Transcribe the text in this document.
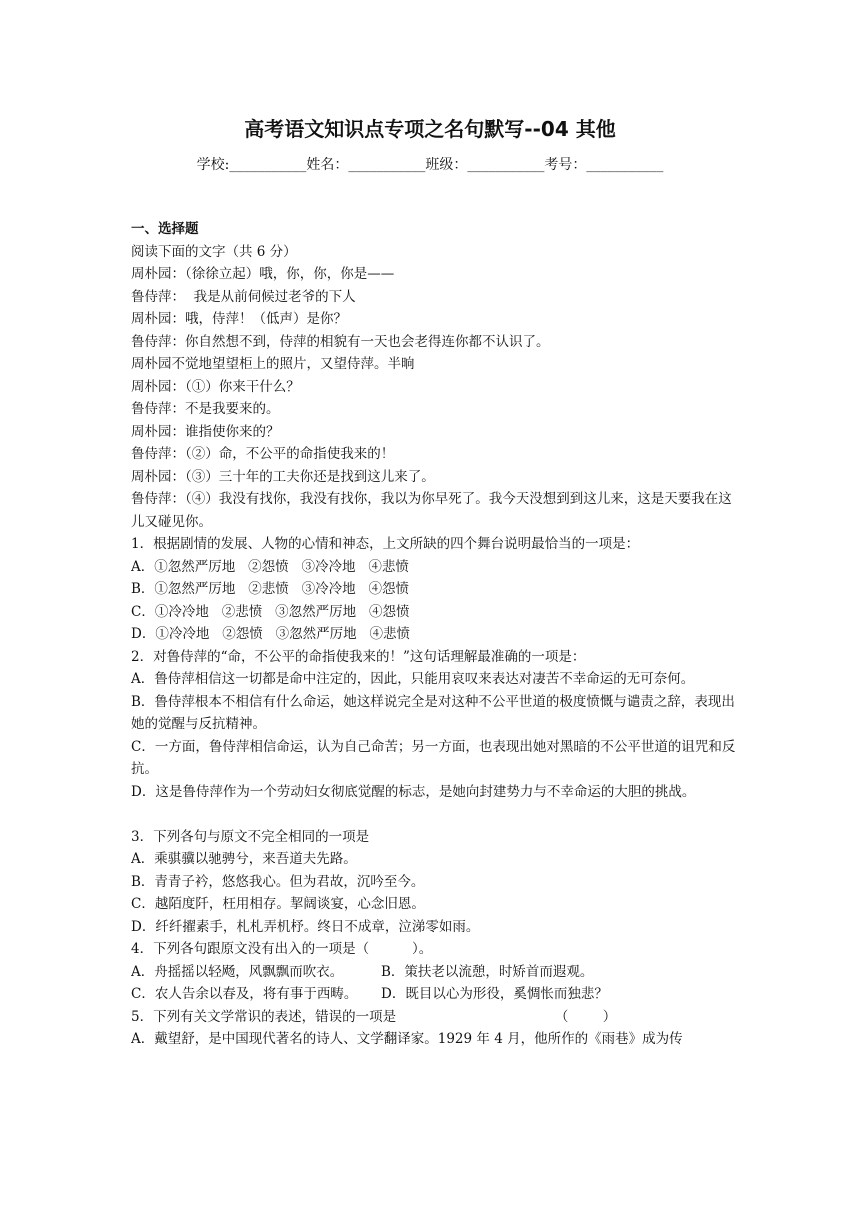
高考语文知识点专项之名句默写--04 其他
学校:___________姓名：___________班级：___________考号：___________
一、选择题
阅读下面的文字（共 6 分）
周朴园：（徐徐立起）哦，你，你，你是——
鲁侍萍：  我是从前伺候过老爷的下人
周朴园：哦，侍萍！（低声）是你？
鲁侍萍：你自然想不到，侍萍的相貌有一天也会老得连你都不认识了。
周朴园不觉地望望柜上的照片，又望侍萍。半晌
周朴园：（①）你来干什么？
鲁侍萍：不是我要来的。
周朴园：谁指使你来的？
鲁侍萍：（②）命，不公平的命指使我来的！
周朴园：（③）三十年的工夫你还是找到这儿来了。
鲁侍萍：（④）我没有找你，我没有找你，我以为你早死了。我今天没想到到这儿来，这是天要我在这儿又碰见你。
1．根据剧情的发展、人物的心情和神态，上文所缺的四个舞台说明最恰当的一项是：
A．①忽然严厉地   ②怨愤   ③冷冷地   ④悲愤
B．①忽然严厉地   ②悲愤   ③冷冷地   ④怨愤
C．①冷冷地   ②悲愤   ③忽然严厉地   ④怨愤
D．①冷冷地   ②怨愤   ③忽然严厉地   ④悲愤
2．对鲁侍萍的“命，不公平的命指使我来的！”这句话理解最准确的一项是：
A．鲁侍萍相信这一切都是命中注定的，因此，只能用哀叹来表达对凄苦不幸命运的无可奈何。
B．鲁侍萍根本不相信有什么命运，她这样说完全是对这种不公平世道的极度愤慨与谴责之辞，表现出她的觉醒与反抗精神。
C．一方面，鲁侍萍相信命运，认为自己命苦；另一方面，也表现出她对黑暗的不公平世道的诅咒和反抗。
D．这是鲁侍萍作为一个劳动妇女彻底觉醒的标志，是她向封建势力与不幸命运的大胆的挑战。
3．下列各句与原文不完全相同的一项是
A．乘骐骥以驰骋兮，来吾道夫先路。
B．青青子衿，悠悠我心。但为君故，沉吟至今。
C．越陌度阡，枉用相存。挈阔谈宴，心念旧恩。
D．纤纤擢素手，札札弄机杼。终日不成章，泣涕零如雨。
4．下列各句跟原文没有出入的一项是（          ）。
A．舟摇摇以轻飏，风飘飘而吹衣。	B．策扶老以流憩，时矫首而遐观。
C．农人告余以春及，将有事于西畴。	D．既目以心为形役，奚惆怅而独悲？
5．下列有关文学常识的表述，错误的一项是                                     （        ）
A．戴望舒，是中国现代著名的诗人、文学翻译家。1929 年 4 月，他所作的《雨巷》成为传
